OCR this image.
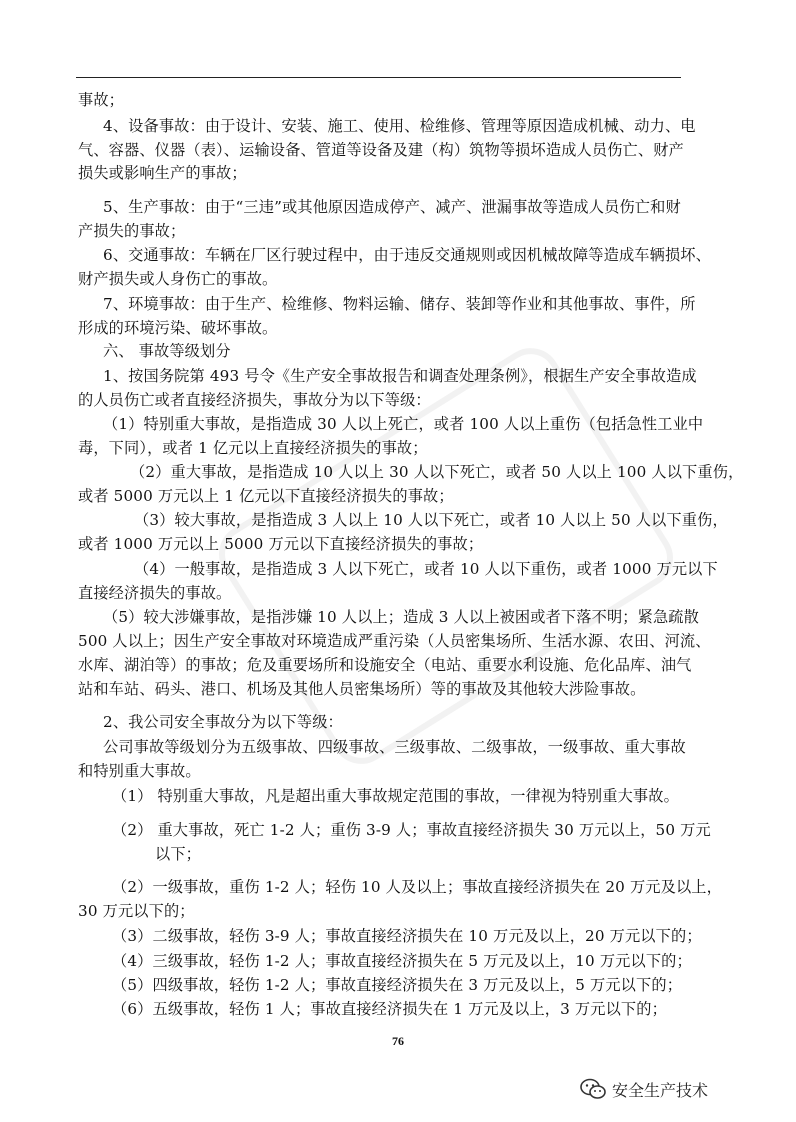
事故；
4、设备事故：由于设计、安装、施工、使用、检维修、管理等原因造成机械、动力、电
气、容器、仪器（表）、运输设备、管道等设备及建（构）筑物等损坏造成人员伤亡、财产
损失或影响生产的事故；
5、生产事故：由于“三违”或其他原因造成停产、减产、泄漏事故等造成人员伤亡和财
产损失的事故；
6、交通事故：车辆在厂区行驶过程中，由于违反交通规则或因机械故障等造成车辆损坏、
财产损失或人身伤亡的事故。
7、环境事故：由于生产、检维修、物料运输、储存、装卸等作业和其他事故、事件，所
形成的环境污染、破坏事故。
六、 事故等级划分
1、按国务院第 493 号令《生产安全事故报告和调查处理条例》，根据生产安全事故造成
的人员伤亡或者直接经济损失，事故分为以下等级：
（1）特别重大事故，是指造成 30 人以上死亡，或者 100 人以上重伤（包括急性工业中
毒，下同），或者 1 亿元以上直接经济损失的事故；
（2）重大事故，是指造成 10 人以上 30 人以下死亡，或者 50 人以上 100 人以下重伤，
或者 5000 万元以上 1 亿元以下直接经济损失的事故；
（3）较大事故，是指造成 3 人以上 10 人以下死亡，或者 10 人以上 50 人以下重伤，
或者 1000 万元以上 5000 万元以下直接经济损失的事故；
（4）一般事故，是指造成 3 人以下死亡，或者 10 人以下重伤，或者 1000 万元以下
直接经济损失的事故。
（5）较大涉嫌事故，是指涉嫌 10 人以上；造成 3 人以上被困或者下落不明；紧急疏散
500 人以上；因生产安全事故对环境造成严重污染（人员密集场所、生活水源、农田、河流、
水库、湖泊等）的事故；危及重要场所和设施安全（电站、重要水利设施、危化品库、油气
站和车站、码头、港口、机场及其他人员密集场所）等的事故及其他较大涉险事故。
2、我公司安全事故分为以下等级：
公司事故等级划分为五级事故、四级事故、三级事故、二级事故，一级事故、重大事故
和特别重大事故。
（1） 特别重大事故，凡是超出重大事故规定范围的事故，一律视为特别重大事故。
（2） 重大事故，死亡 1-2 人；重伤 3-9 人；事故直接经济损失 30 万元以上，50 万元
以下；
（2）一级事故，重伤 1-2 人；轻伤 10 人及以上；事故直接经济损失在 20 万元及以上，
30 万元以下的；
（3）二级事故，轻伤 3-9 人；事故直接经济损失在 10 万元及以上，20 万元以下的；
（4）三级事故，轻伤 1-2 人；事故直接经济损失在 5 万元及以上，10 万元以下的；
（5）四级事故，轻伤 1-2 人；事故直接经济损失在 3 万元及以上，5 万元以下的；
（6）五级事故，轻伤 1 人；事故直接经济损失在 1 万元及以上，3 万元以下的；
76
安全生产技术
